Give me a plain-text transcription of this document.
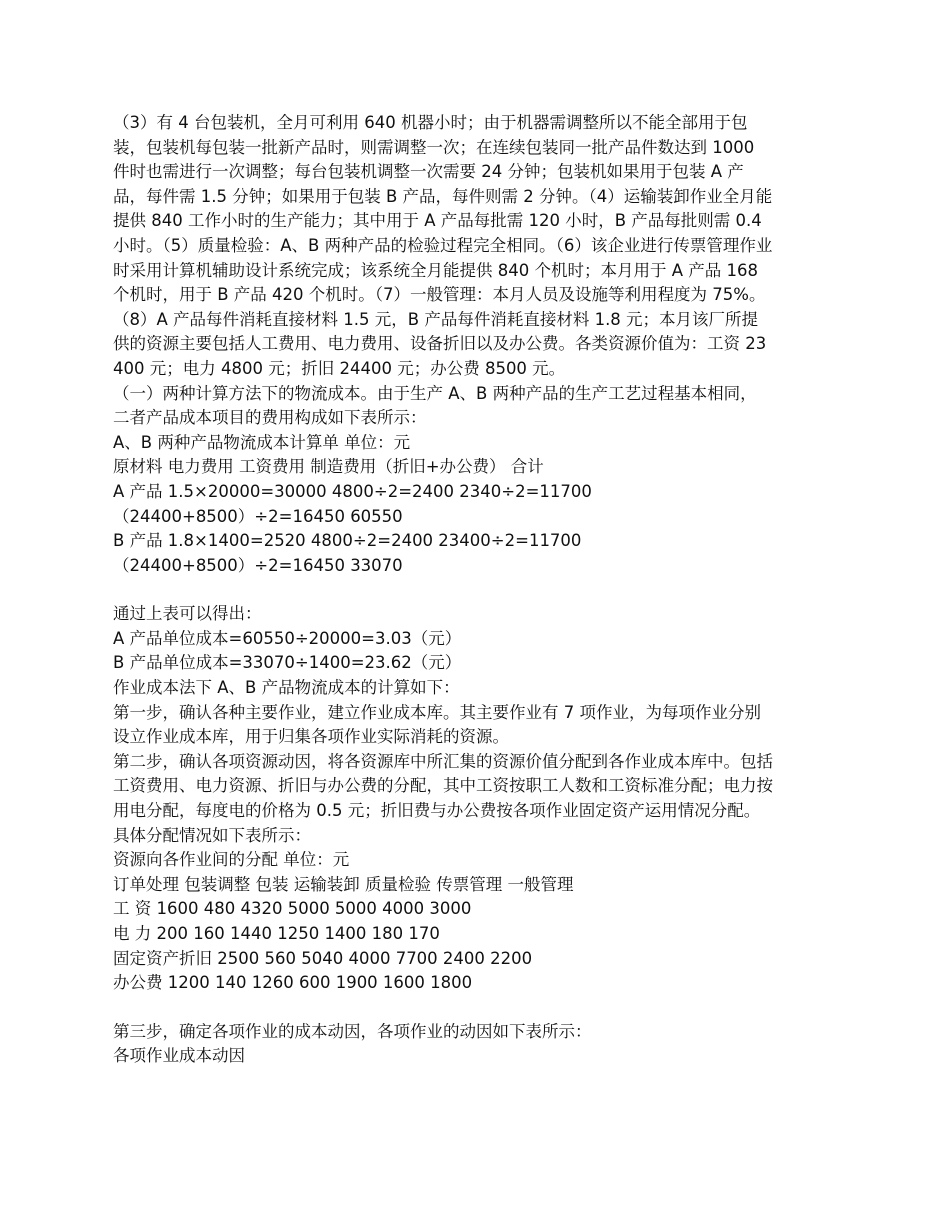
（3）有 4 台包装机，全月可利用 640 机器小时；由于机器需调整所以不能全部用于包装，包装机每包装一批新产品时，则需调整一次；在连续包装同一批产品件数达到 1000 件时也需进行一次调整；每台包装机调整一次需要 24 分钟；包装机如果用于包装 A 产品，每件需 1.5 分钟；如果用于包装 B 产品，每件则需 2 分钟。（4）运输装卸作业全月能提供 840 工作小时的生产能力；其中用于 A 产品每批需 120 小时，B 产品每批则需 0.4 小时。（5）质量检验：A、B 两种产品的检验过程完全相同。（6）该企业进行传票管理作业时采用计算机辅助设计系统完成；该系统全月能提供 840 个机时；本月用于 A 产品 168 个机时，用于 B 产品 420 个机时。（7）一般管理：本月人员及设施等利用程度为 75%。

（8）A 产品每件消耗直接材料 1.5 元，B 产品每件消耗直接材料 1.8 元；本月该厂所提供的资源主要包括人工费用、电力费用、设备折旧以及办公费。各类资源价值为：工资 23400 元；电力 4800 元；折旧 24400 元；办公费 8500 元。

（一）两种计算方法下的物流成本。由于生产 A、B 两种产品的生产工艺过程基本相同，二者产品成本项目的费用构成如下表所示：

A、B 两种产品物流成本计算单 单位：元

原材料 电力费用 工资费用 制造费用（折旧+办公费） 合计

A 产品 1.5×20000=30000 4800÷2=2400 2340÷2=11700

（24400+8500）÷2=16450 60550

B 产品 1.8×1400=2520 4800÷2=2400 23400÷2=11700

（24400+8500）÷2=16450 33070

通过上表可以得出：

A 产品单位成本=60550÷20000=3.03（元）

B 产品单位成本=33070÷1400=23.62（元）

作业成本法下 A、B 产品物流成本的计算如下：

第一步，确认各种主要作业，建立作业成本库。其主要作业有 7 项作业，为每项作业分别设立作业成本库，用于归集各项作业实际消耗的资源。

第二步，确认各项资源动因，将各资源库中所汇集的资源价值分配到各作业成本库中。包括工资费用、电力资源、折旧与办公费的分配，其中工资按职工人数和工资标准分配；电力按用电分配，每度电的价格为 0.5 元；折旧费与办公费按各项作业固定资产运用情况分配。具体分配情况如下表所示：

资源向各作业间的分配 单位：元

订单处理 包装调整 包装 运输装卸 质量检验 传票管理 一般管理

工 资 1600 480 4320 5000 5000 4000 3000

电 力 200 160 1440 1250 1400 180 170

固定资产折旧 2500 560 5040 4000 7700 2400 2200

办公费 1200 140 1260 600 1900 1600 1800

第三步，确定各项作业的成本动因，各项作业的动因如下表所示：

各项作业成本动因
